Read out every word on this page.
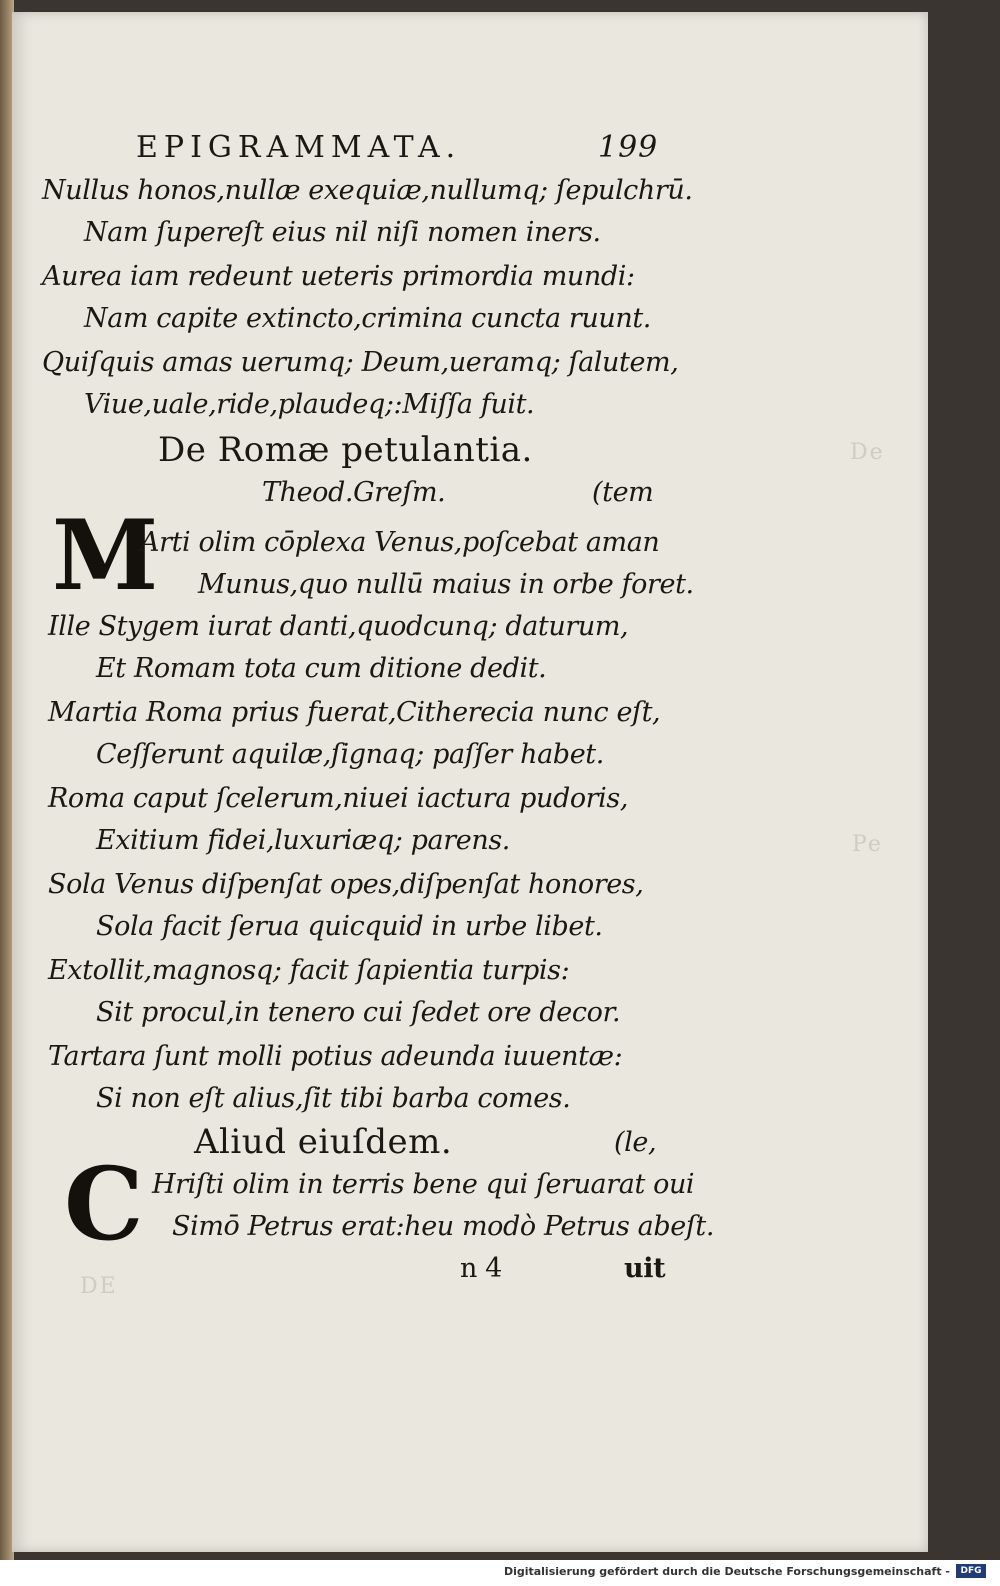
De
Pe
DE
EPIGRAMMATA.	199
Nullus honos,nullæ exequiæ,nullumq; ſepulchrū.
Nam ſupereſt eius nil niſi nomen iners.
Aurea iam redeunt ueteris primordia mundi:
Nam capite extincto,crimina cuncta ruunt.
Quiſquis amas uerumq; Deum,ueramq; ſalutem,
Viue,uale,ride,plaudeq;:Miſſa fuit.
De Romæ petulantia.
Theod.Greſm.	(tem
M
Arti olim cōplexa Venus,poſcebat aman
Munus,quo nullū maius in orbe foret.
Ille Stygem iurat danti,quodcunq; daturum,
Et Romam tota cum ditione dedit.
Martia Roma prius fuerat,Citherecia nunc eſt,
Ceſſerunt aquilæ,ſignaq; paſſer habet.
Roma caput ſcelerum,niuei iactura pudoris,
Exitium fidei,luxuriæq; parens.
Sola Venus diſpenſat opes,diſpenſat honores,
Sola facit ſerua quicquid in urbe libet.
Extollit,magnosq; facit ſapientia turpis:
Sit procul,in tenero cui ſedet ore decor.
Tartara ſunt molli potius adeunda iuuentæ:
Si non eſt alius,ſit tibi barba comes.
Aliud eiuſdem.	(le,
C Hriſti olim in terris bene qui ſeruarat oui
Simō Petrus erat:heu modò Petrus abeſt.
n 4	uit
Digitalisierung gefördert durch die Deutsche Forschungsgemeinschaft -	DFG
